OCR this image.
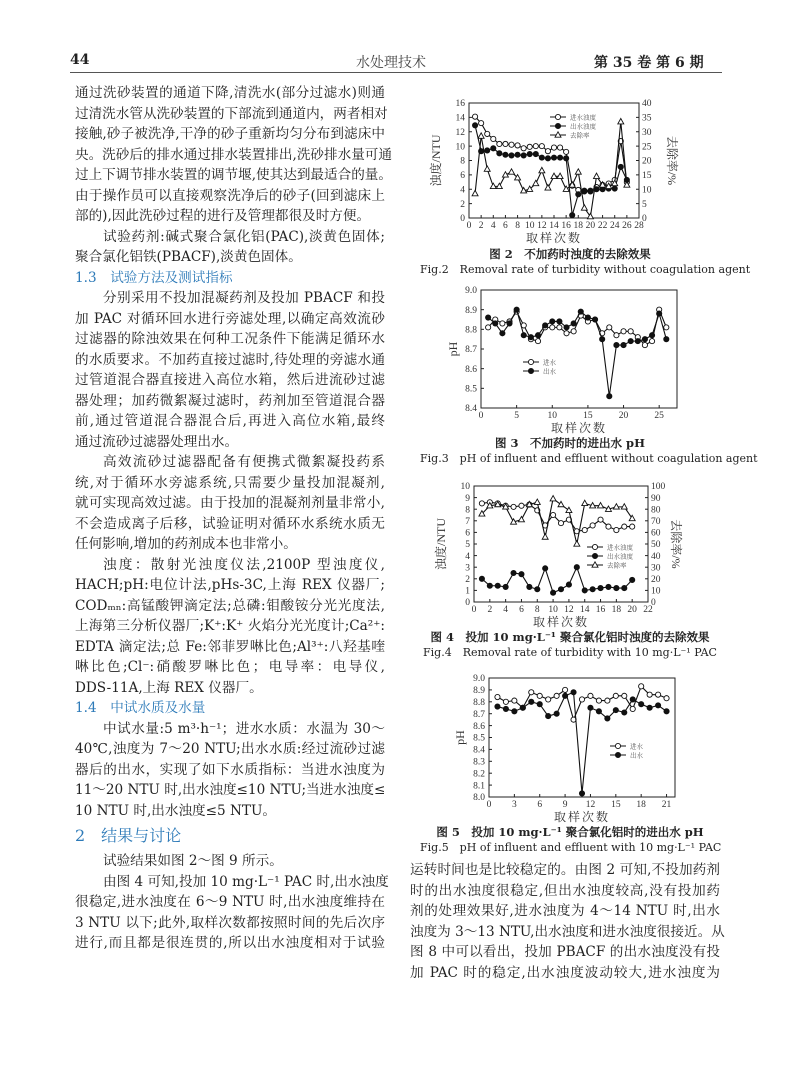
44	水处理技术	第 35 卷 第 6 期
通过洗砂装置的通道下降,清洗水(部分过滤水)则通
过清洗水管从洗砂装置的下部流到通道内，两者相对
接触,砂子被洗净,干净的砂子重新均匀分布到滤床中
央。洗砂后的排水通过排水装置排出,洗砂排水量可通
过上下调节排水装置的调节堰,使其达到最适合的量。
由于操作员可以直接观察洗净后的砂子(回到滤床上
部的),因此洗砂过程的进行及管理都很及时方便。
试验药剂:碱式聚合氯化铝(PAC),淡黄色固体;
聚合氯化铝铁(PBACF),淡黄色固体。
1.3　试验方法及测试指标
分别采用不投加混凝药剂及投加 PBACF 和投
加 PAC 对循环回水进行旁滤处理,以确定高效流砂
过滤器的除浊效果在何种工况条件下能满足循环水
的水质要求。不加药直接过滤时,待处理的旁滤水通
过管道混合器直接进入高位水箱，然后进流砂过滤
器处理；加药微絮凝过滤时，药剂加至管道混合器
前,通过管道混合器混合后,再进入高位水箱,最终
通过流砂过滤器处理出水。
高效流砂过滤器配备有便携式微絮凝投药系
统,对于循环水旁滤系统,只需要少量投加混凝剂,
就可实现高效过滤。由于投加的混凝剂剂量非常小,
不会造成离子后移，试验证明对循环水系统水质无
任何影响,增加的药剂成本也非常小。
浊度：散射光浊度仪法,2100P 型浊度仪,
HACH;pH:电位计法,pHs-3C,上海 REX 仪器厂;
CODₘₙ:高锰酸钾滴定法;总磷:钼酸铵分光光度法,
上海第三分析仪器厂;K⁺:K⁺ 火焰分光光度计;Ca²⁺:
EDTA 滴定法;总 Fe:邻菲罗啉比色;Al³⁺:八羟基喹
啉比色;Cl⁻:硝酸罗啉比色；电导率：电导仪,
DDS-11A,上海 REX 仪器厂。
1.4　中试水质及水量
中试水量:5 m³·h⁻¹；进水水质：水温为 30～
40℃,浊度为 7～20 NTU;出水水质:经过流砂过滤
器后的出水，实现了如下水质指标：当进水浊度为
11～20 NTU 时,出水浊度≤10 NTU;当进水浊度≤
10 NTU 时,出水浊度≤5 NTU。
2　结果与讨论
试验结果如图 2～图 9 所示。
由图 4 可知,投加 10 mg·L⁻¹ PAC 时,出水浊度
很稳定,进水浊度在 6～9 NTU 时,出水浊度维持在
3 NTU 以下;此外,取样次数都按照时间的先后次序
进行,而且都是很连贯的,所以出水浊度相对于试验
运转时间也是比较稳定的。由图 2 可知,不投加药剂
时的出水浊度很稳定,但出水浊度较高,没有投加药
剂的处理效果好,进水浊度为 4～14 NTU 时,出水
浊度为 3～13 NTU,出水浊度和进水浊度很接近。从
图 8 中可以看出，投加 PBACF 的出水浊度没有投
加 PAC 时的稳定,出水浊度波动较大,进水浊度为
0 2 4 6 8 10 12 14 16 18 20 22 24 26 28
0
2
4
6
8
10
12
14
16
0
5
10
15
20
25
30
35
40
取样次数
浊度/NTU	去除率/%
进水浊度
出水浊度
去除率
0	5	10	15	20	25
8.4
8.5
8.6
8.7
8.8
8.9
9.0
取样次数
pH
进水
出水
0 2 4 6 8 10 12 14 16 18 20 22
0
1
2
3
4
5
6
7
8
9
10
0
10
20
30
40
50
60
70
80
90
100
取样次数
浊度/NTU	去除率/%
进水浊度
出水浊度
去除率
0 3 6 9 12 15 18 21
8.0
8.1
8.2
8.3
8.4
8.5
8.6
8.7
8.8
8.9
9.0
取样次数
pH
进水
出水
图 2　不加药时浊度的去除效果
Fig.2　Removal rate of turbidity without coagulation agent
图 3　不加药时的进出水 pH
Fig.3　pH of influent and effluent without coagulation agent
图 4　投加 10 mg·L⁻¹ 聚合氯化铝时浊度的去除效果
Fig.4　Removal rate of turbidity with 10 mg·L⁻¹ PAC
图 5　投加 10 mg·L⁻¹ 聚合氯化铝时的进出水 pH
Fig.5　pH of influent and effluent with 10 mg·L⁻¹ PAC
